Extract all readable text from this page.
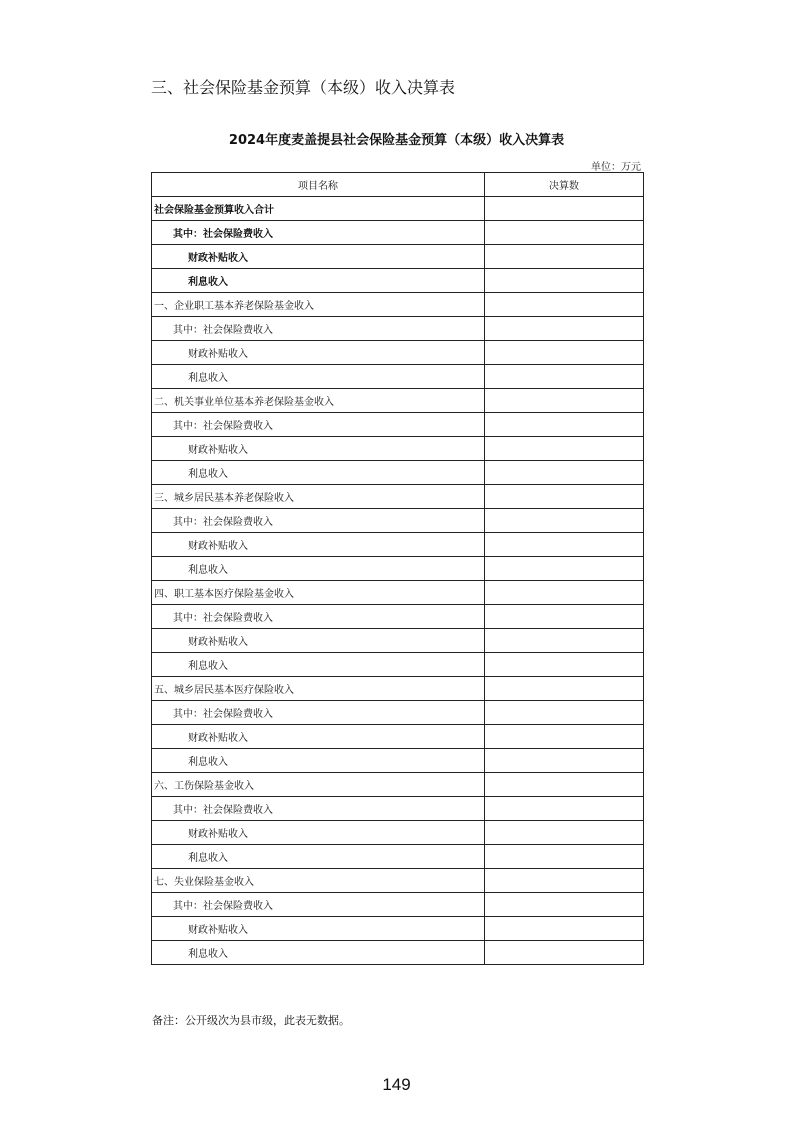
三、社会保险基金预算（本级）收入决算表
2024年度麦盖提县社会保险基金预算（本级）收入决算表
单位：万元
项目名称	决算数
社会保险基金预算收入合计	
其中：社会保险费收入	
财政补贴收入	
利息收入	
一、企业职工基本养老保险基金收入	
其中：社会保险费收入	
财政补贴收入	
利息收入	
二、机关事业单位基本养老保险基金收入	
其中：社会保险费收入	
财政补贴收入	
利息收入	
三、城乡居民基本养老保险收入	
其中：社会保险费收入	
财政补贴收入	
利息收入	
四、职工基本医疗保险基金收入	
其中：社会保险费收入	
财政补贴收入	
利息收入	
五、城乡居民基本医疗保险收入	
其中：社会保险费收入	
财政补贴收入	
利息收入	
六、工伤保险基金收入	
其中：社会保险费收入	
财政补贴收入	
利息收入	
七、失业保险基金收入	
其中：社会保险费收入	
财政补贴收入	
利息收入	
备注：公开级次为县市级，此表无数据。
149
